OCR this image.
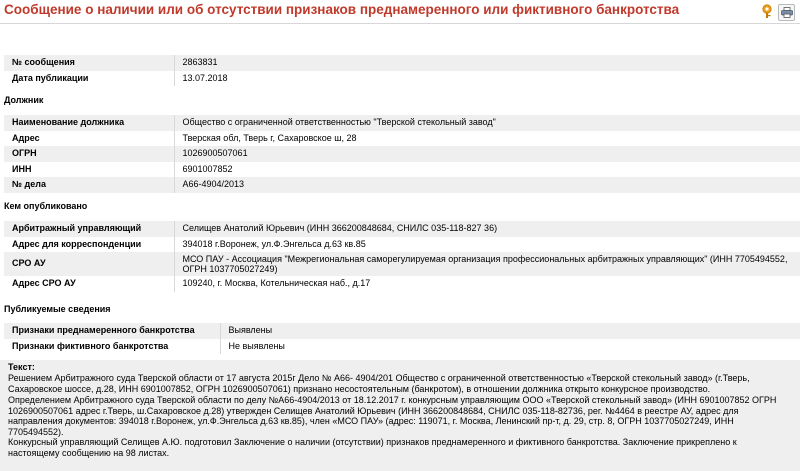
Сообщение о наличии или об отсутствии признаков преднамеренного или фиктивного банкротства
№ сообщения	2863831
Дата публикации	13.07.2018
Должник
Наименование должника	Общество с ограниченной ответственностью "Тверской стекольный завод"
Адрес	Тверская обл, Тверь г, Сахаровское ш, 28
ОГРН	1026900507061
ИНН	6901007852
№ дела	А66-4904/2013
Кем опубликовано
Арбитражный управляющий	Селищев Анатолий Юрьевич (ИНН 366200848684, СНИЛС 035-118-827 36)
Адрес для корреспонденции	394018 г.Воронеж, ул.Ф.Энгельса д.63 кв.85
СРО АУ	МСО ПАУ - Ассоциация "Межрегиональная саморегулируемая организация профессиональных арбитражных управляющих" (ИНН 7705494552, ОГРН 1037705027249)
Адрес СРО АУ	109240, г. Москва, Котельническая наб., д.17
Публикуемые сведения
Признаки преднамеренного банкротства	Выявлены
Признаки фиктивного банкротства	Не выявлены
Текст:

Решением Арбитражного суда Тверской области от 17 августа 2015г Дело № А66- 4904/201 Общество с ограниченной ответственностью «Тверской стекольный завод» (г.Тверь, Сахаровское шоссе, д.28, ИНН 6901007852, ОГРН 1026900507061) признано несостоятельным (банкротом), в отношении должника открыто конкурсное производство.

Определением Арбитражного суда Тверской области по делу №А66-4904/2013 от 18.12.2017 г. конкурсным управляющим ООО «Тверской стекольный завод» (ИНН 6901007852 ОГРН 1026900507061 адрес г.Тверь, ш.Сахаровское д.28) утвержден Селищев Анатолий Юрьевич (ИНН 366200848684, СНИЛС 035-118-82736, рег. №4464 в реестре АУ, адрес для направления документов: 394018 г.Воронеж, ул.Ф.Энгельса д.63 кв.85), член «МСО ПАУ» (адрес: 119071, г. Москва, Ленинский пр-т, д. 29, стр. 8, ОГРН 1037705027249, ИНН 7705494552).

Конкурсный управляющий Селищев А.Ю. подготовил Заключение о наличии (отсутствии) признаков преднамеренного и фиктивного банкротства. Заключение прикреплено к настоящему сообщению на 98 листах.
